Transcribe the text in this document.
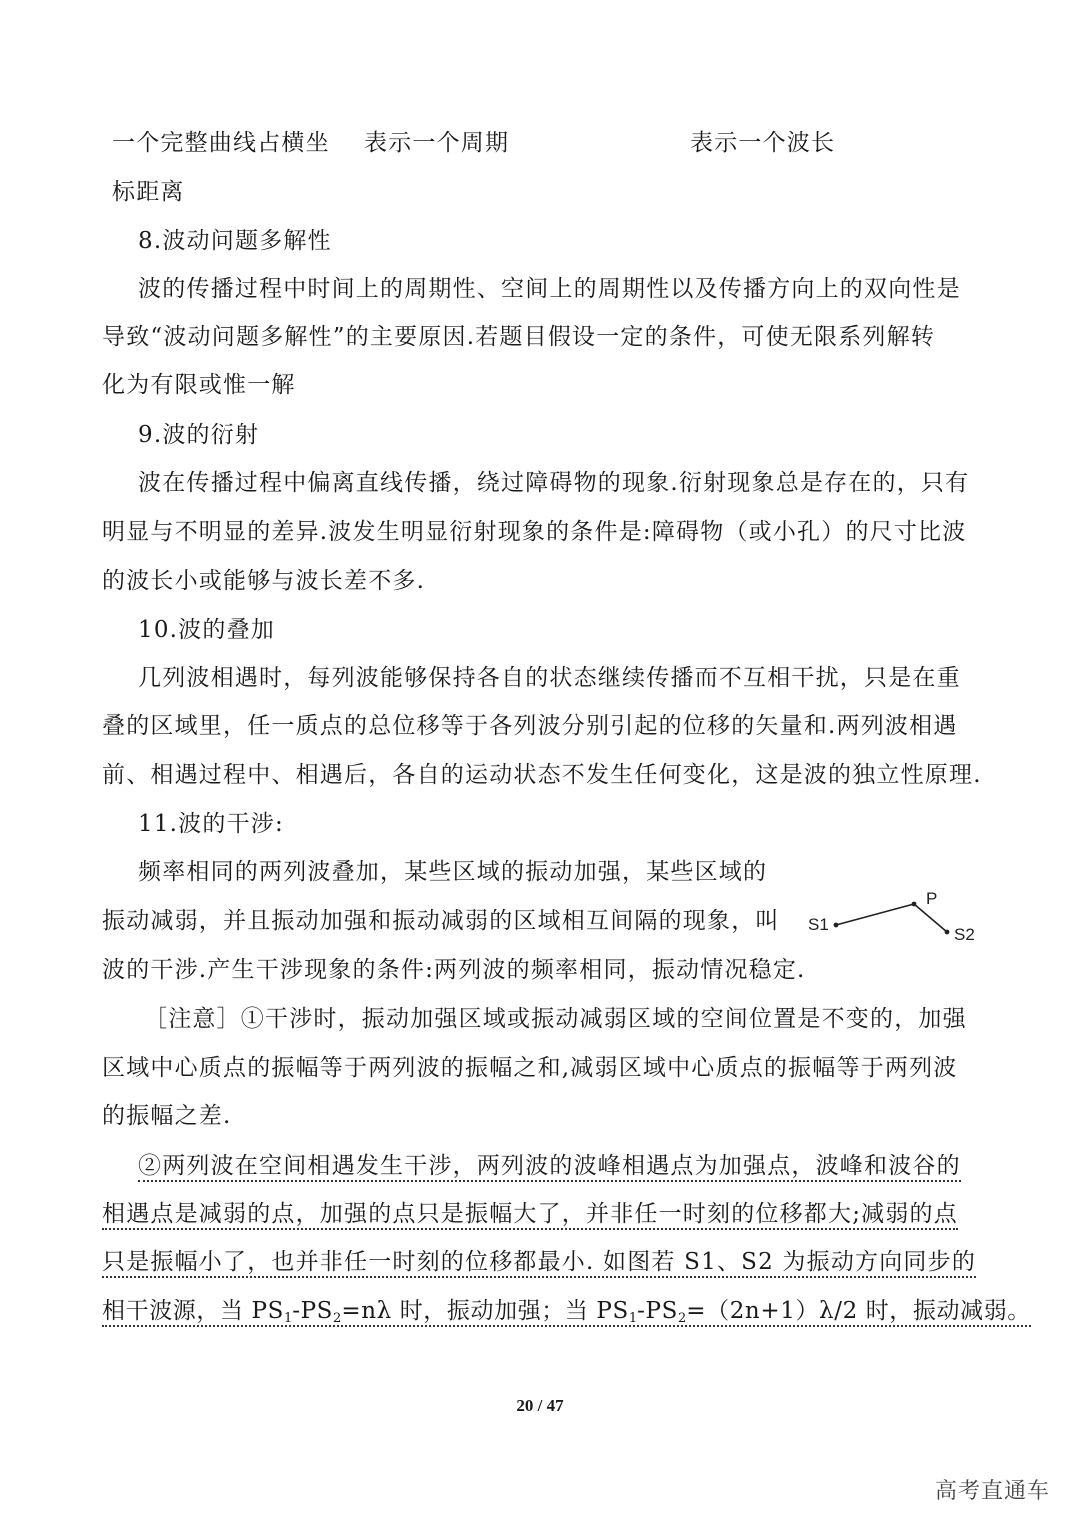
一个完整曲线占横坐 表示一个周期	表示一个波长
标距离
8.波动问题多解性
波的传播过程中时间上的周期性、空间上的周期性以及传播方向上的双向性是
导致“波动问题多解性”的主要原因.若题目假设一定的条件，可使无限系列解转
化为有限或惟一解
9.波的衍射
波在传播过程中偏离直线传播，绕过障碍物的现象.衍射现象总是存在的，只有
明显与不明显的差异.波发生明显衍射现象的条件是:障碍物（或小孔）的尺寸比波
的波长小或能够与波长差不多.
10.波的叠加
几列波相遇时，每列波能够保持各自的状态继续传播而不互相干扰，只是在重
叠的区域里，任一质点的总位移等于各列波分别引起的位移的矢量和.两列波相遇
前、相遇过程中、相遇后，各自的运动状态不发生任何变化，这是波的独立性原理.
11.波的干涉:
频率相同的两列波叠加，某些区域的振动加强，某些区域的
振动减弱，并且振动加强和振动减弱的区域相互间隔的现象，叫
波的干涉.产生干涉现象的条件:两列波的频率相同，振动情况稳定.
S1
P
S2
［注意］①干涉时，振动加强区域或振动减弱区域的空间位置是不变的，加强
区域中心质点的振幅等于两列波的振幅之和,减弱区域中心质点的振幅等于两列波
的振幅之差.
②两列波在空间相遇发生干涉，两列波的波峰相遇点为加强点，波峰和波谷的
相遇点是减弱的点，加强的点只是振幅大了，并非任一时刻的位移都大;减弱的点
只是振幅小了，也并非任一时刻的位移都最小. 如图若 S1、S2 为振动方向同步的
相干波源，当 $PS_1-PS_2=n\lambda$ 时，振动加强；当 $PS_1-PS_2=(2n+1)\lambda/2$ 时，振动减弱。
20 / 47
高考直通车
